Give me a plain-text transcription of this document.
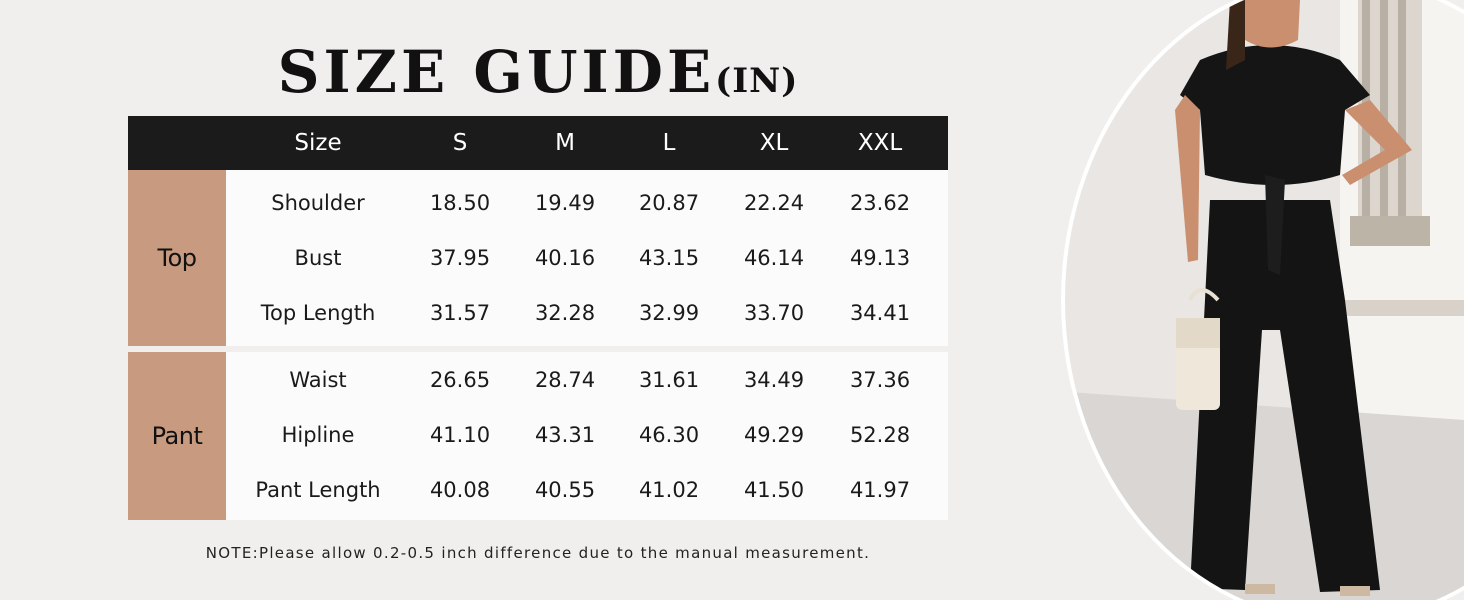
SIZE GUIDE(IN)
Size	S	M	L	XL	XXL
Top
Shoulder	18.50	19.49	20.87	22.24	23.62
Bust	37.95	40.16	43.15	46.14	49.13
Top Length	31.57	32.28	32.99	33.70	34.41
Pant
Waist	26.65	28.74	31.61	34.49	37.36
Hipline	41.10	43.31	46.30	49.29	52.28
Pant Length	40.08	40.55	41.02	41.50	41.97
NOTE:Please allow 0.2-0.5 inch difference due to the manual measurement.
